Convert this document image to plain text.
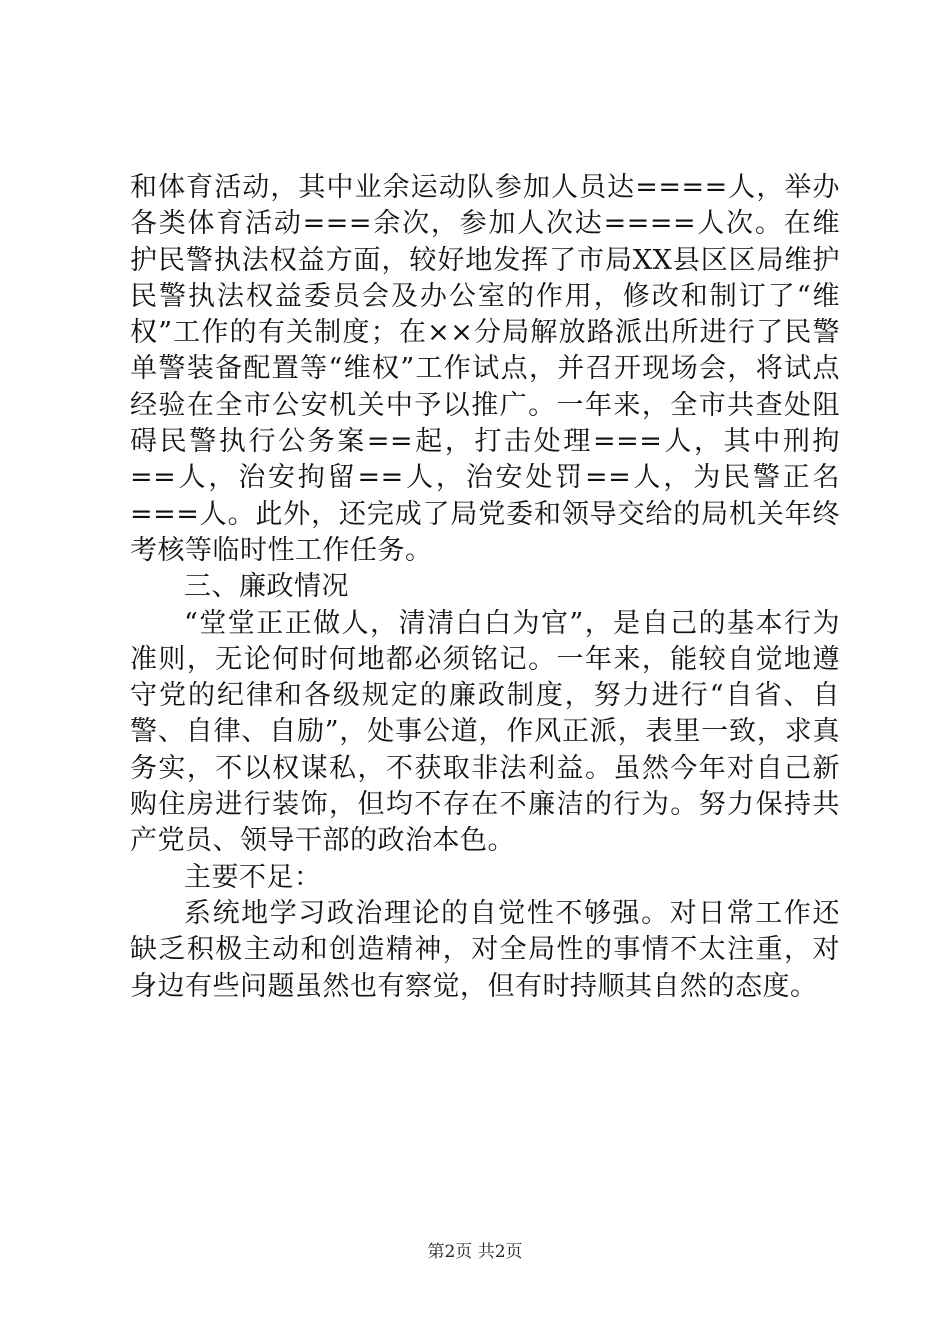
和体育活动，其中业余运动队参加人员达====人，举办各类体育活动===余次，参加人次达====人次。在维护民警执法权益方面，较好地发挥了市局XX县区区局维护民警执法权益委员会及办公室的作用，修改和制订了“维权”工作的有关制度；在××分局解放路派出所进行了民警单警装备配置等“维权”工作试点，并召开现场会，将试点经验在全市公安机关中予以推广。一年来，全市共查处阻碍民警执行公务案==起，打击处理===人，其中刑拘==人，治安拘留==人，治安处罚==人，为民警正名===人。此外，还完成了局党委和领导交给的局机关年终考核等临时性工作任务。

三、廉政情况

“堂堂正正做人，清清白白为官”，是自己的基本行为准则，无论何时何地都必须铭记。一年来，能较自觉地遵守党的纪律和各级规定的廉政制度，努力进行“自省、自警、自律、自励”，处事公道，作风正派，表里一致，求真务实，不以权谋私，不获取非法利益。虽然今年对自己新购住房进行装饰，但均不存在不廉洁的行为。努力保持共产党员、领导干部的政治本色。

主要不足：

系统地学习政治理论的自觉性不够强。对日常工作还缺乏积极主动和创造精神，对全局性的事情不太注重，对身边有些问题虽然也有察觉，但有时持顺其自然的态度。

第2页 共2页
